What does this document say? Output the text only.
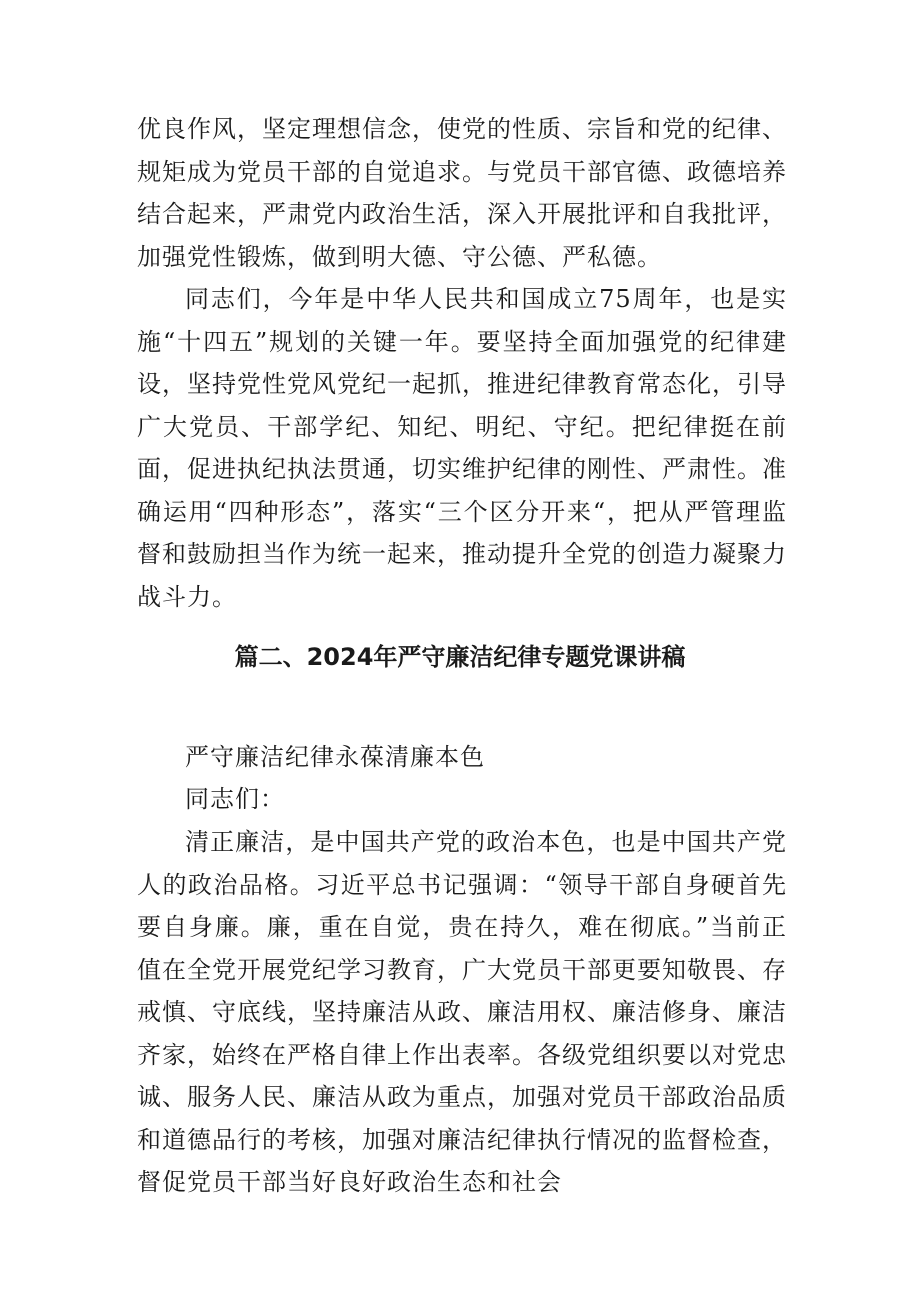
优良作风，坚定理想信念，使党的性质、宗旨和党的纪律、规矩成为党员干部的自觉追求。与党员干部官德、政德培养结合起来，严肃党内政治生活，深入开展批评和自我批评，加强党性锻炼，做到明大德、守公德、严私德。

同志们，今年是中华人民共和国成立75周年，也是实施“十四五”规划的关键一年。要坚持全面加强党的纪律建设，坚持党性党风党纪一起抓，推进纪律教育常态化，引导广大党员、干部学纪、知纪、明纪、守纪。把纪律挺在前面，促进执纪执法贯通，切实维护纪律的刚性、严肃性。准确运用“四种形态”，落实“三个区分开来“，把从严管理监督和鼓励担当作为统一起来，推动提升全党的创造力凝聚力战斗力。

篇二、2024年严守廉洁纪律专题党课讲稿

严守廉洁纪律永葆清廉本色

同志们：

清正廉洁，是中国共产党的政治本色，也是中国共产党人的政治品格。习近平总书记强调：“领导干部自身硬首先要自身廉。廉，重在自觉，贵在持久，难在彻底。”当前正值在全党开展党纪学习教育，广大党员干部更要知敬畏、存戒慎、守底线，坚持廉洁从政、廉洁用权、廉洁修身、廉洁齐家，始终在严格自律上作出表率。各级党组织要以对党忠诚、服务人民、廉洁从政为重点，加强对党员干部政治品质和道德品行的考核，加强对廉洁纪律执行情况的监督检查，督促党员干部当好良好政治生态和社会
